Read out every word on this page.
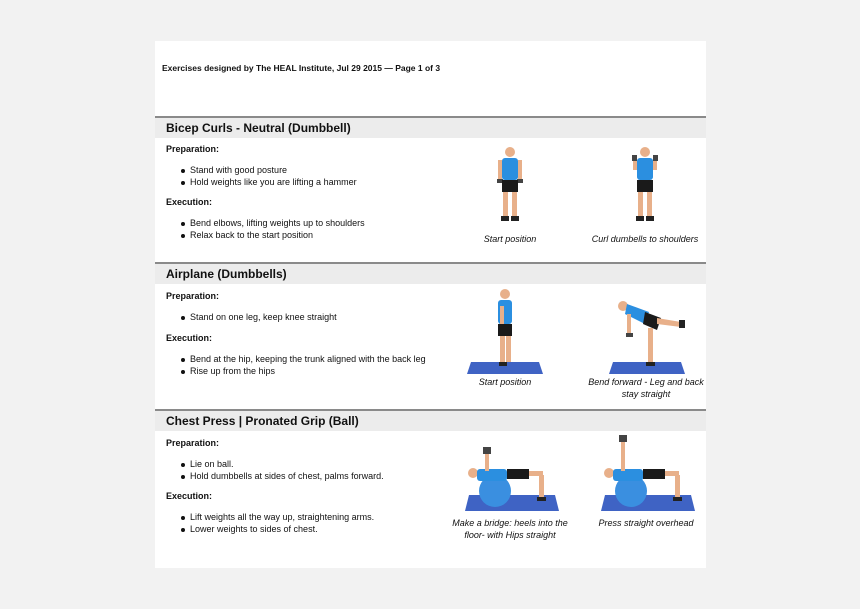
Exercises designed by The HEAL Institute, Jul 29 2015 — Page 1 of 3
Bicep Curls - Neutral (Dumbbell)
Preparation:
Stand with good posture
Hold weights like you are lifting a hammer
Execution:
Bend elbows, lifting weights up to shoulders
Relax back to the start position	Start position	Curl dumbells to shoulders
Airplane (Dumbbells)
Preparation:
Stand on one leg, keep knee straight
Execution:
Bend at the hip, keeping the trunk aligned with the back leg
Rise up from the hips
Start position	Bend forward - Leg and back stay straight
Chest Press | Pronated Grip (Ball)
Preparation:
Lie on ball.
Hold dumbbells at sides of chest, palms forward.
Execution:
Lift weights all the way up, straightening arms.
Lower weights to sides of chest.
Make a bridge: heels into the floor- with Hips straight
Press straight overhead
